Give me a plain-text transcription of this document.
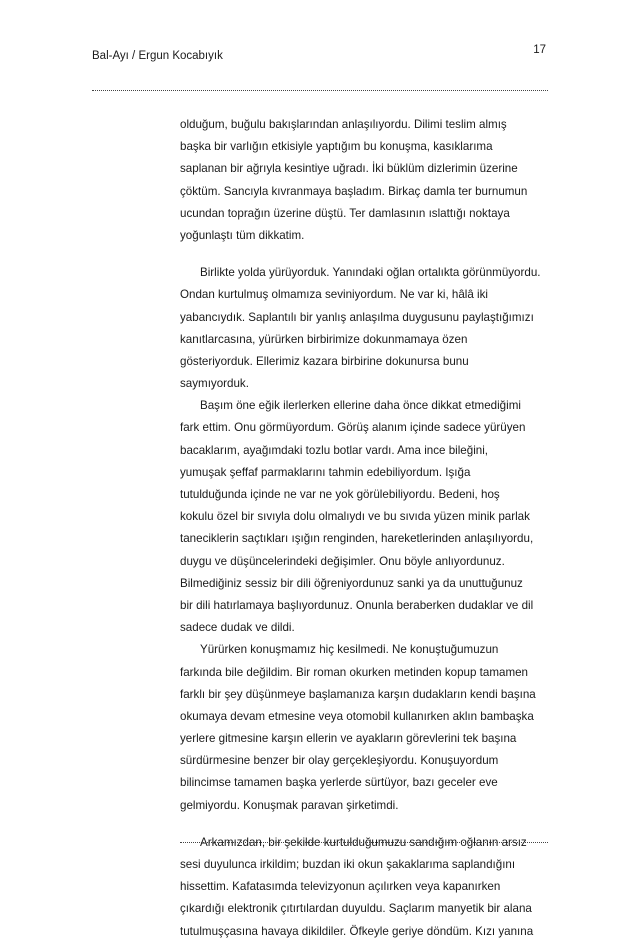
Bal-Ayı / Ergun Kocabıyık	17
olduğum, buğulu bakışlarından anlaşılıyordu. Dilimi teslim almış
başka bir varlığın etkisiyle yaptığım bu konuşma, kasıklarıma
saplanan bir ağrıyla kesintiye uğradı. İki büklüm dizlerimin üzerine
çöktüm. Sancıyla kıvranmaya başladım. Birkaç damla ter burnumun
ucundan toprağın üzerine düştü. Ter damlasının ıslattığı noktaya
yoğunlaştı tüm dikkatim.
Birlikte yolda yürüyorduk. Yanındaki oğlan ortalıkta görünmüyordu.
Ondan kurtulmuş olmamıza seviniyordum. Ne var ki, hâlâ iki
yabancıydık. Saplantılı bir yanlış anlaşılma duygusunu paylaştığımızı
kanıtlarcasına, yürürken birbirimize dokunmamaya özen
gösteriyorduk. Ellerimiz kazara birbirine dokunursa bunu
saymıyorduk.
Başım öne eğik ilerlerken ellerine daha önce dikkat etmediğimi
fark ettim. Onu görmüyordum. Görüş alanım içinde sadece yürüyen
bacaklarım, ayağımdaki tozlu botlar vardı. Ama ince bileğini,
yumuşak şeffaf parmaklarını tahmin edebiliyordum. Işığa
tutulduğunda içinde ne var ne yok görülebiliyordu. Bedeni, hoş
kokulu özel bir sıvıyla dolu olmalıydı ve bu sıvıda yüzen minik parlak
taneciklerin saçtıkları ışığın renginden, hareketlerinden anlaşılıyordu,
duygu ve düşüncelerindeki değişimler. Onu böyle anlıyordunuz.
Bilmediğiniz sessiz bir dili öğreniyordunuz sanki ya da unuttuğunuz
bir dili hatırlamaya başlıyordunuz. Onunla beraberken dudaklar ve dil
sadece dudak ve dildi.
Yürürken konuşmamız hiç kesilmedi. Ne konuştuğumuzun
farkında bile değildim. Bir roman okurken metinden kopup tamamen
farklı bir şey düşünmeye başlamanıza karşın dudakların kendi başına
okumaya devam etmesine veya otomobil kullanırken aklın bambaşka
yerlere gitmesine karşın ellerin ve ayakların görevlerini tek başına
sürdürmesine benzer bir olay gerçekleşiyordu. Konuşuyordum
bilincimse tamamen başka yerlerde sürtüyor, bazı geceler eve
gelmiyordu. Konuşmak paravan şirketimdi.
Arkamızdan, bir şekilde kurtulduğumuzu sandığım oğlanın arsız
sesi duyulunca irkildim; buzdan iki okun şakaklarıma saplandığını
hissettim. Kafatasımda televizyonun açılırken veya kapanırken
çıkardığı elektronik çıtırtılardan duyuldu. Saçlarım manyetik bir alana
tutulmuşçasına havaya dikildiler. Öfkeyle geriye döndüm. Kızı yanına
